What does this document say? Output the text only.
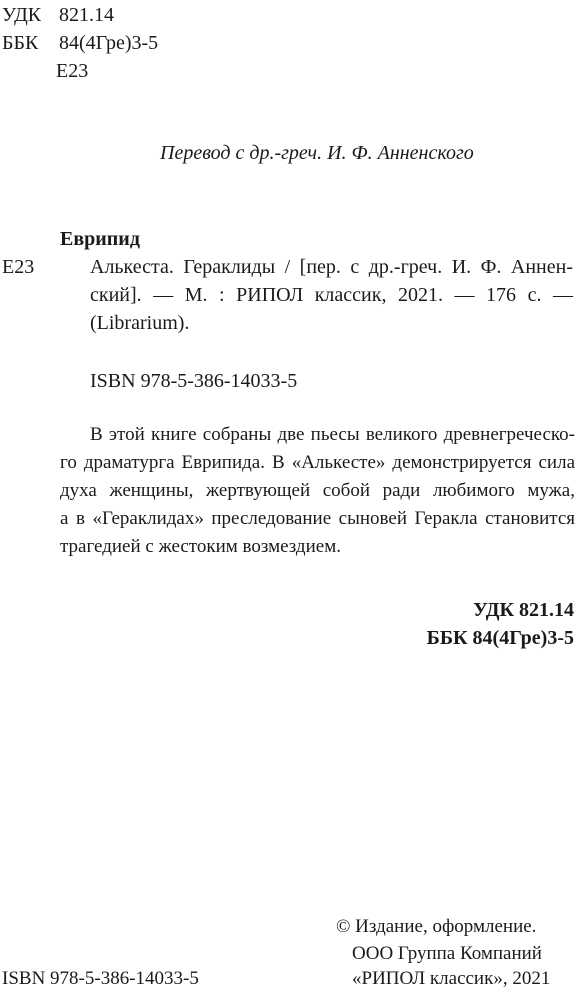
УДК 821.14
ББК 84(4Гре)3-5
Е23
Перевод с др.-греч. И. Ф. Анненского
Еврипид
Е23	Алькеста. Гераклиды / [пер. с др.-греч. И. Ф. Аннен-
ский]. — М. : РИПОЛ классик, 2021. — 176 с. —
(Librarium).
ISBN 978-5-386-14033-5
В этой книге собраны две пьесы великого древнегреческо-
го драматурга Еврипида. В «Алькесте» демонстрируется сила
духа женщины, жертвующей собой ради любимого мужа,
а в «Гераклидах» преследование сыновей Геракла становится
трагедией с жестоким возмездием.
УДК 821.14
ББК 84(4Гре)3-5
© Издание, оформление.
ООО Группа Компаний
«РИПОЛ классик», 2021
ISBN 978-5-386-14033-5
